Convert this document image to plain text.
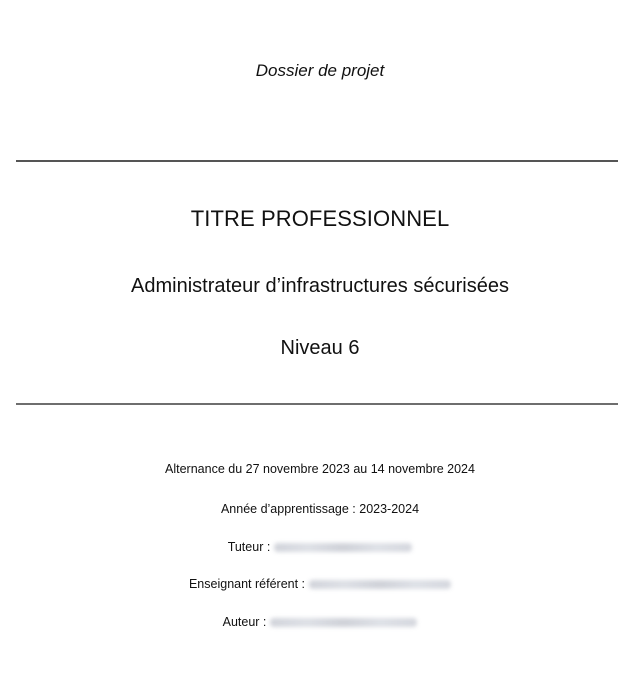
Dossier de projet
TITRE PROFESSIONNEL
Administrateur d’infrastructures sécurisées
Niveau 6
Alternance du 27 novembre 2023 au 14 novembre 2024
Année d’apprentissage : 2023-2024
Tuteur :
Enseignant référent :
Auteur :
